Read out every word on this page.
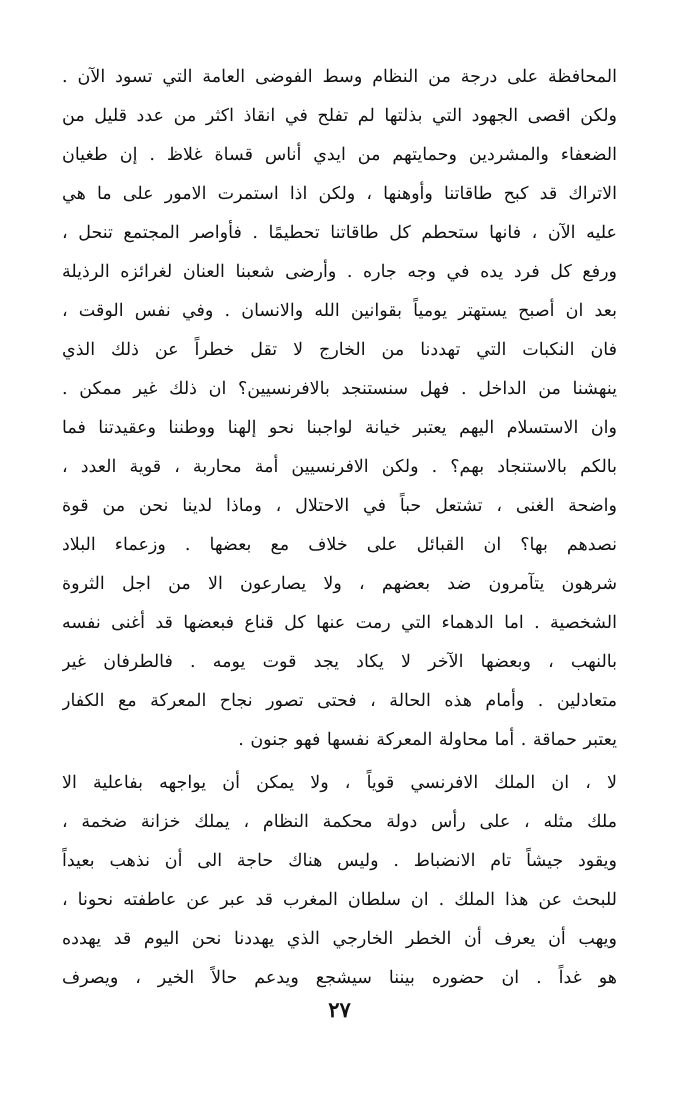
المحافظة على درجة من النظام وسط الفوضى العامة التي تسود الآن .
ولكن اقصى الجهود التي بذلتها لم تفلح في انقاذ اكثر من عدد قليل من
الضعفاء والمشردين وحمايتهم من ايدي أناس قساة غلاظ . إن طغيان
الاتراك قد كبح طاقاتنا وأوهنها ، ولكن اذا استمرت الامور على ما هي
عليه الآن ، فانها ستحطم كل طاقاتنا تحطيمًا . فأواصر المجتمع تنحل ،
ورفع كل فرد يده في وجه جاره . وأرضى شعبنا العنان لغرائزه الرذيلة
بعد ان أصبح يستهتر يومياً بقوانين الله والانسان . وفي نفس الوقت ،
فان النكبات التي تهددنا من الخارج لا تقل خطراً عن ذلك الذي
ينهشنا من الداخل . فهل سنستنجد بالافرنسيين؟ ان ذلك غير ممكن .
وان الاستسلام اليهم يعتبر خيانة لواجبنا نحو إلهنا ووطننا وعقيدتنا فما
بالكم بالاستنجاد بهم؟ . ولكن الافرنسيين أمة محاربة ، قوية العدد ،
واضحة الغنى ، تشتعل حباً في الاحتلال ، وماذا لدينا نحن من قوة
نصدهم بها؟ ان القبائل على خلاف مع بعضها . وزعماء البلاد
شرهون يتآمرون ضد بعضهم ، ولا يصارعون الا من اجل الثروة
الشخصية . اما الدهماء التي رمت عنها كل قناع فبعضها قد أغنى نفسه
بالنهب ، وبعضها الآخر لا يكاد يجد قوت يومه . فالطرفان غير
متعادلين . وأمام هذه الحالة ، فحتى تصور نجاح المعركة مع الكفار
يعتبر حماقة . أما محاولة المعركة نفسها فهو جنون .

لا ، ان الملك الافرنسي قوياً ، ولا يمكن أن يواجهه بفاعلية الا
ملك مثله ، على رأس دولة محكمة النظام ، يملك خزانة ضخمة ،
ويقود جيشاً تام الانضباط . وليس هناك حاجة الى أن نذهب بعيداً
للبحث عن هذا الملك . ان سلطان المغرب قد عبر عن عاطفته نحونا ،
ويهب أن يعرف أن الخطر الخارجي الذي يهددنا نحن اليوم قد يهدده
هو غداً . ان حضوره بيننا سيشجع ويدعم حالاً الخير ، ويصرف

٢٧
